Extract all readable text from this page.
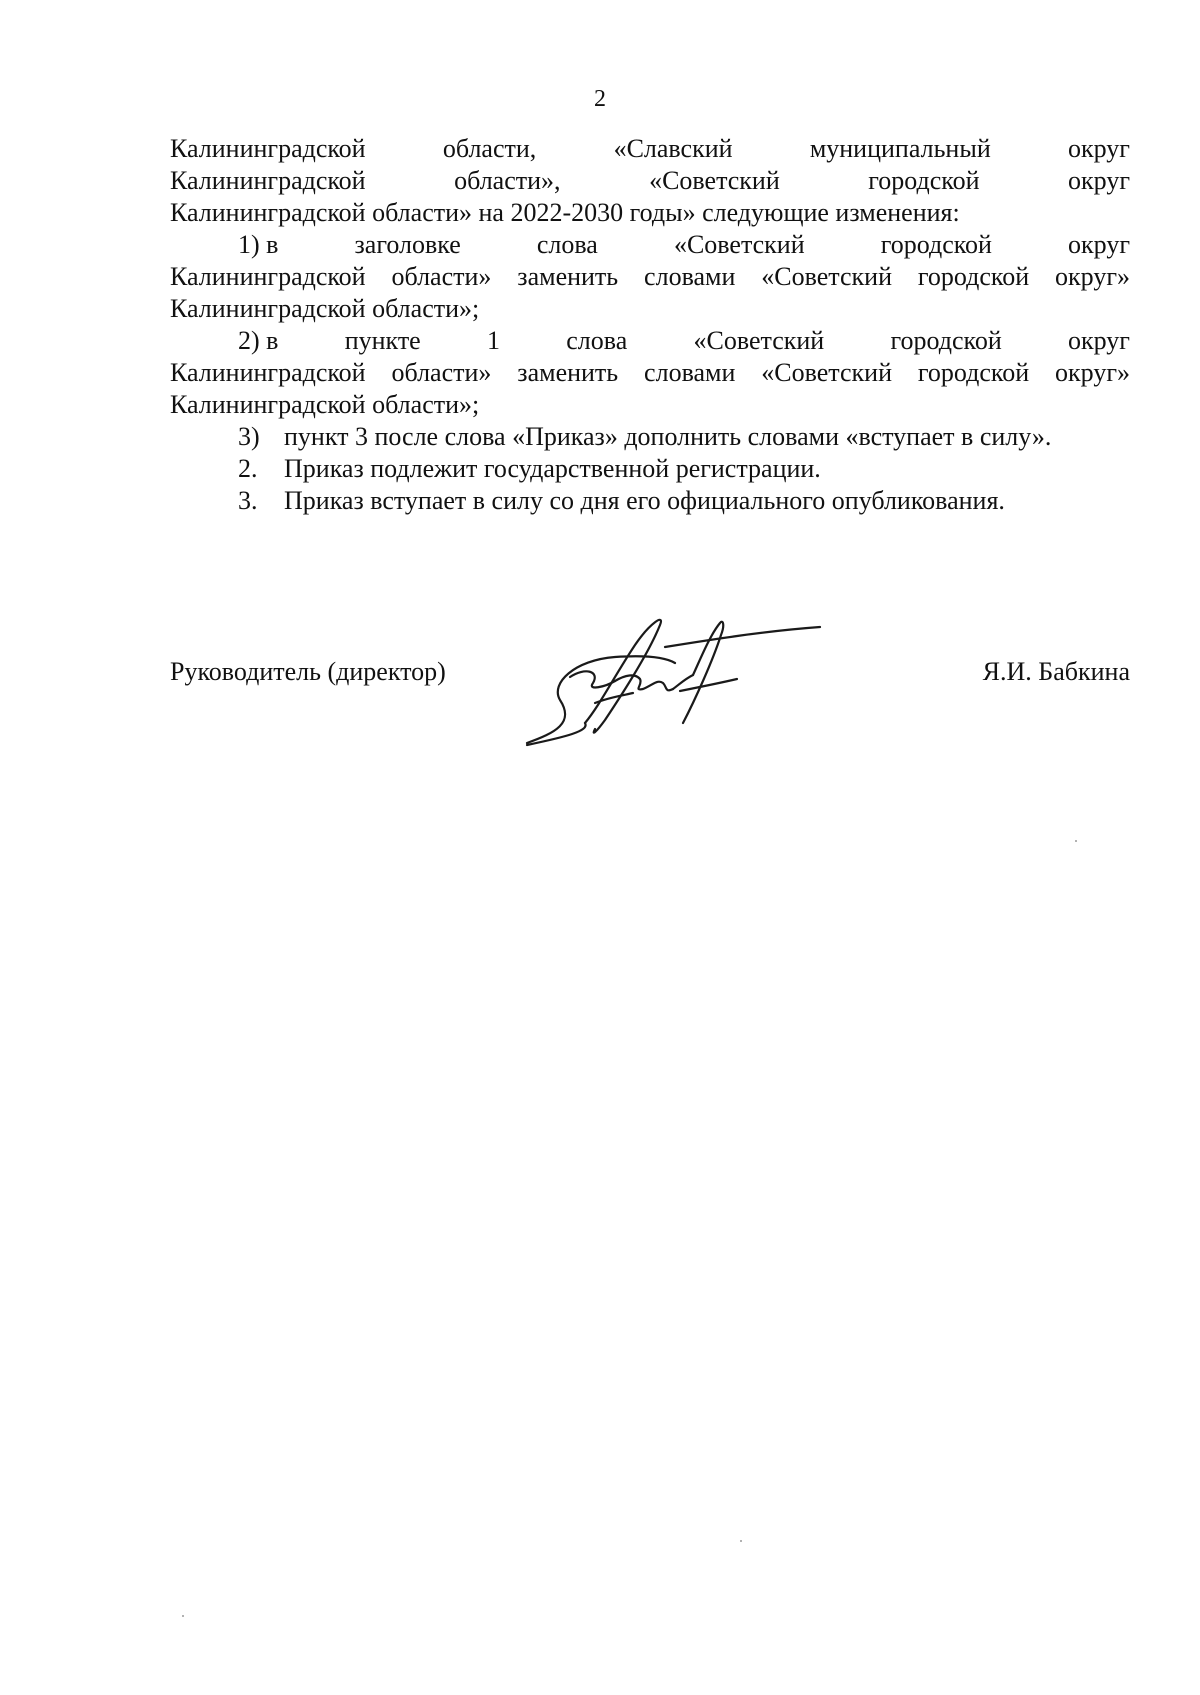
2
Калининградской	области,	«Славский	муниципальный	округ
Калининградской	области»,	«Советский	городской	округ
Калининградской области» на 2022-2030 годы» следующие изменения:
1) в	заголовке	слова	«Советский	городской	округ
Калининградской области» заменить словами «Советский городской округ»
Калининградской области»;
2) в	пункте	1	слова	«Советский	городской	округ
Калининградской области» заменить словами «Советский городской округ»
Калининградской области»;
3) пункт 3 после слова «Приказ» дополнить словами «вступает в силу».
2.	Приказ подлежит государственной регистрации.
3.	Приказ вступает в силу со дня его официального опубликования.
Руководитель (директор)	Я.И. Бабкина
